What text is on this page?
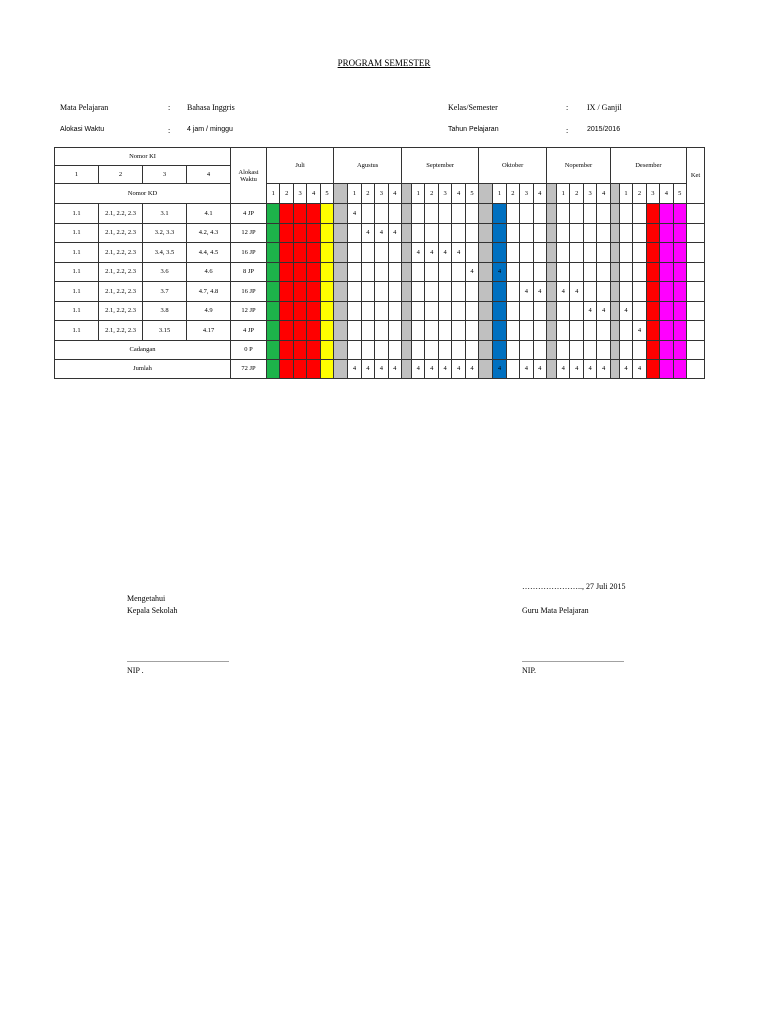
PROGRAM SEMESTER
Mata Pelajaran	: Bahasa Inggris	Kelas/Semester	: IX / Ganjil
Alokasi Waktu	: 4 jam / minggu	Tahun Pelajaran	:	2015/2016
Nomor KI				Alokasi Waktu	Juli					Agustus					September						Oktober					Nopember					Desember						Ket
1	2	3	4																																		
Nomor KD					1	2	3	4	5		1	2	3	4		1	2	3	4	5		1	2	3	4		1	2	3	4		1	2	3	4	5	
1.1	2.1, 2.2, 2.3	3.1	4.1	4 JP							4																										
1.1	2.1, 2.2, 2.3	3.2, 3.3	4.2, 4.3	12 JP								4	4	4																							
1.1	2.1, 2.2, 2.3	3.4, 3.5	4.4, 4.5	16 JP												4	4	4	4																		
1.1	2.1, 2.2, 2.3	3.6	4.6	8 JP																4		4															
1.1	2.1, 2.2, 2.3	3.7	4.7, 4.8	16 JP																				4	4		4	4									
1.1	2.1, 2.2, 2.3	3.8	4.9	12 JP																									4	4		4					
1.1	2.1, 2.2, 2.3	3.15	4.17	4 JP																													4				
Cadangan				0 P																																	
Jumlah				72 JP							4	4	4	4		4	4	4	4	4		4		4	4		4	4	4	4		4	4				
………………….., 27 Juli 2015
Mengetahui
Kepala Sekolah	Guru Mata Pelajaran
...................................................	...................................................
NIP .	NIP.
